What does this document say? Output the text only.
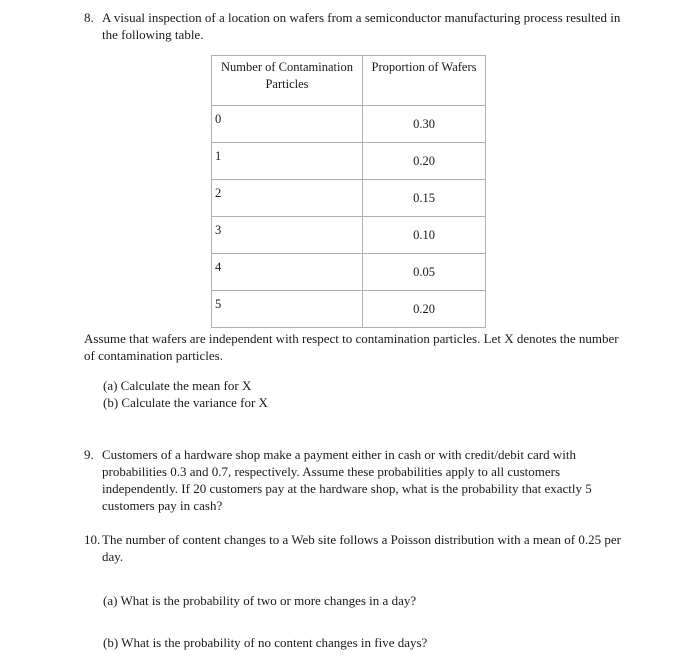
8. A visual inspection of a location on wafers from a semiconductor manufacturing process resulted in the following table.
Number of Contamination Particles	Proportion of Wafers
0	0.30
1	0.20
2	0.15
3	0.10
4	0.05
5	0.20
Assume that wafers are independent with respect to contamination particles. Let X denotes the number of contamination particles.
(a) Calculate the mean for X
(b) Calculate the variance for X
9. Customers of a hardware shop make a payment either in cash or with credit/debit card with probabilities 0.3 and 0.7, respectively. Assume these probabilities apply to all customers independently. If 20 customers pay at the hardware shop, what is the probability that exactly 5 customers pay in cash?
10. The number of content changes to a Web site follows a Poisson distribution with a mean of 0.25 per day.
(a) What is the probability of two or more changes in a day?
(b) What is the probability of no content changes in five days?
